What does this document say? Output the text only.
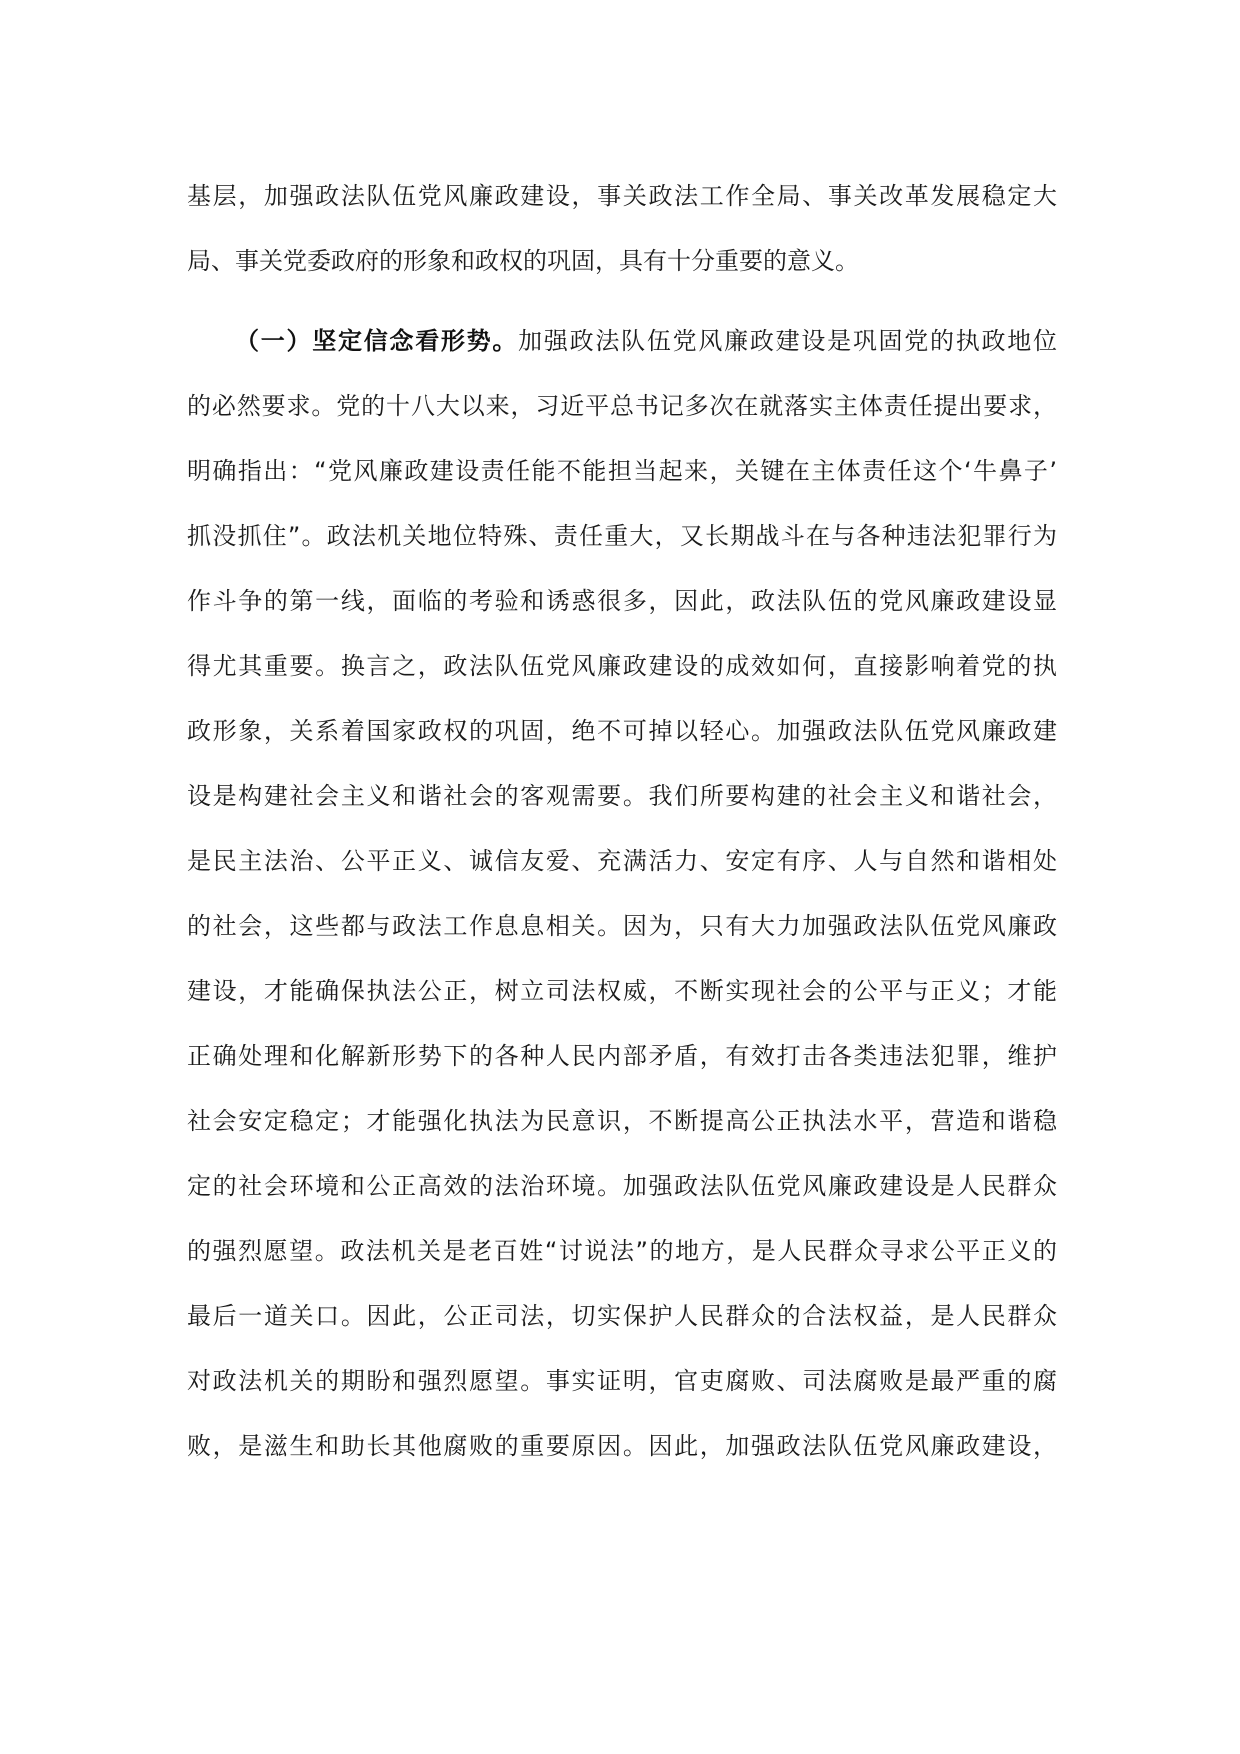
基层，加强政法队伍党风廉政建设，事关政法工作全局、事关改革发展稳定大
局、事关党委政府的形象和政权的巩固，具有十分重要的意义。
（一）坚定信念看形势。加强政法队伍党风廉政建设是巩固党的执政地位
的必然要求。党的十八大以来，习近平总书记多次在就落实主体责任提出要求，
明确指出：“党风廉政建设责任能不能担当起来，关键在主体责任这个‘牛鼻子’
抓没抓住”。政法机关地位特殊、责任重大，又长期战斗在与各种违法犯罪行为
作斗争的第一线，面临的考验和诱惑很多，因此，政法队伍的党风廉政建设显
得尤其重要。换言之，政法队伍党风廉政建设的成效如何，直接影响着党的执
政形象，关系着国家政权的巩固，绝不可掉以轻心。加强政法队伍党风廉政建
设是构建社会主义和谐社会的客观需要。我们所要构建的社会主义和谐社会，
是民主法治、公平正义、诚信友爱、充满活力、安定有序、人与自然和谐相处
的社会，这些都与政法工作息息相关。因为，只有大力加强政法队伍党风廉政
建设，才能确保执法公正，树立司法权威，不断实现社会的公平与正义；才能
正确处理和化解新形势下的各种人民内部矛盾，有效打击各类违法犯罪，维护
社会安定稳定；才能强化执法为民意识，不断提高公正执法水平，营造和谐稳
定的社会环境和公正高效的法治环境。加强政法队伍党风廉政建设是人民群众
的强烈愿望。政法机关是老百姓“讨说法”的地方，是人民群众寻求公平正义的
最后一道关口。因此，公正司法，切实保护人民群众的合法权益，是人民群众
对政法机关的期盼和强烈愿望。事实证明，官吏腐败、司法腐败是最严重的腐
败，是滋生和助长其他腐败的重要原因。因此，加强政法队伍党风廉政建设，
